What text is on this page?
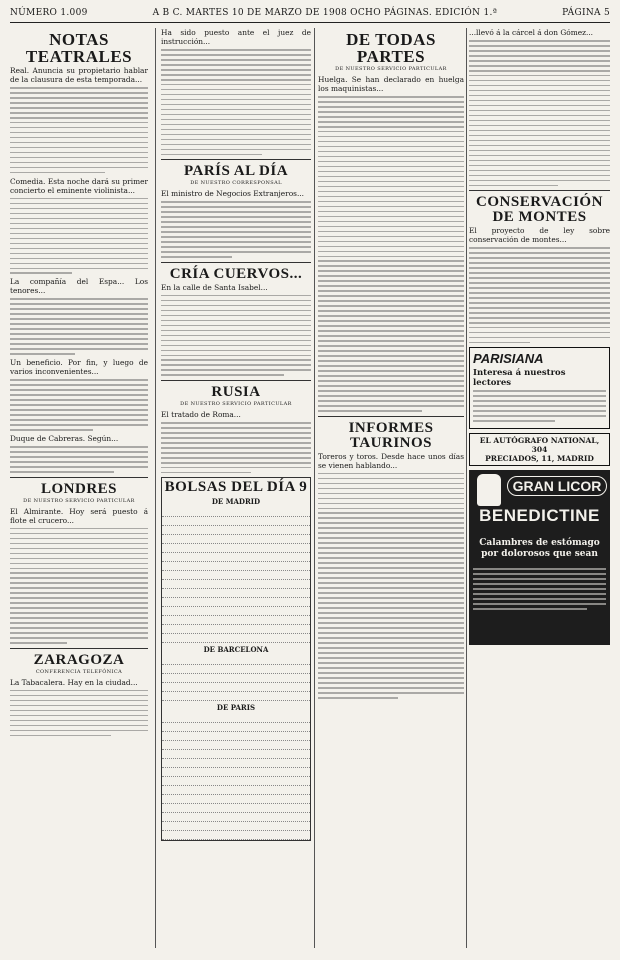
NÚMERO 1.009	A B C. MARTES 10 DE MARZO DE 1908 OCHO PÁGINAS. EDICIÓN 1.ª	PÁGINA 5
NOTAS TEATRALES

Real. Anuncia su propietario hablar de la clausura de esta temporada...

Comedia. Esta noche dará su primer concierto el eminente violinista...

La compañía del Espa... Los tenores...

Un beneficio. Por fin, y luego de varios inconvenientes...

Duque de Cabreras. Según...

LONDRES
DE NUESTRO SERVICIO PARTICULAR

El Almirante. Hoy será puesto á flote el crucero...

ZARAGOZA
CONFERENCIA TELEFÓNICA

La Tabacalera. Hay en la ciudad...

Ha sido puesto ante el juez de instrucción...

PARÍS AL DÍA
DE NUESTRO CORRESPONSAL

El ministro de Negocios Extranjeros...

CRÍA CUERVOS...

En la calle de Santa Isabel...

RUSIA
DE NUESTRO SERVICIO PARTICULAR

El tratado de Roma...

BOLSAS DEL DÍA 9
DE MADRID
DE BARCELONA
DE PARIS
DE TODAS PARTES
DE NUESTRO SERVICIO PARTICULAR

Huelga. Se han declarado en huelga los maquinistas...

INFORMES TAURINOS

Toreros y toros. Desde hace unos días se vienen hablando...

...llevó á la cárcel á don Gómez...

CONSERVACIÓN DE MONTES

El proyecto de ley sobre conservación de montes...

PARISIANA
Interesa á nuestros lectores
EL AUTÓGRAFO NATIONAL, 304
PRECIADOS, 11, MADRID
GRAN LICOR
BENEDICTINE
Calambres de estómago por dolorosos que sean
